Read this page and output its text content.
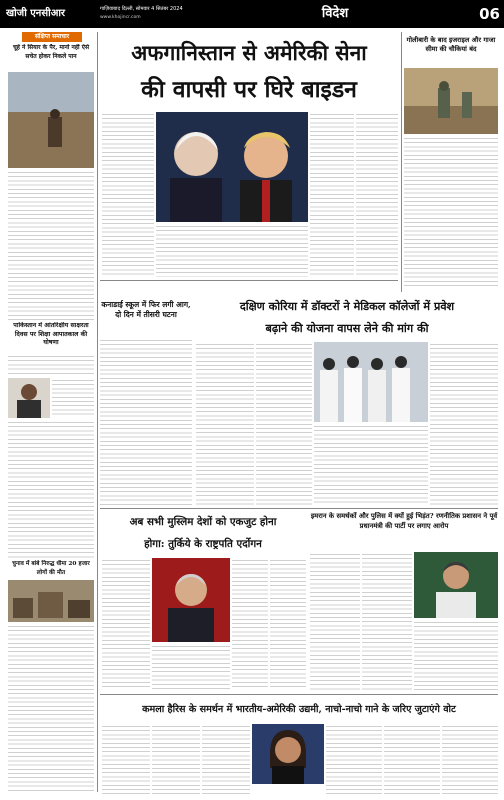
खोजी एनसीआर	गाज़ियाबाद दिल्ली, सोमवार 4 सितंबर 2024
www.khojincr.com	विदेश	06
संक्षिप्त समाचार
चूहे ने सियार के पैर, मानो नहीं ऐसे सचेत होकर निकले पान
पाकिस्तान में आंतरिक्षीय साक्षरता दिवस पर शिक्षा आपातकाल की घोषणा
चुनाव में बांबे निरुद्ध धीमा 20 हजार लोगों की मौत
अफगानिस्तान से अमेरिकी सेना
की वापसी पर घिरे बाइडन
गोलीबारी के बाद इजराइल और गाजा सीमा की चौकियां बंद
कनाडाई स्कूल में फिर लगी आग, दो दिन में तीसरी घटना
दक्षिण कोरिया में डॉक्टरों ने मेडिकल कॉलेजों में प्रवेश
बढ़ाने की योजना वापस लेने की मांग की
अब सभी मुस्लिम देशों को एकजुट होना
होगा: तुर्किये के राष्ट्रपति एर्दोगन
इमरान के समर्थकों और पुलिस में क्यों हुई भिड़ंत? रणनीतिक प्रशासन ने पूर्व प्रधानमंत्री की पार्टी पर लगाए आरोप
कमला हैरिस के समर्थन में भारतीय-अमेरिकी उद्यमी, नाचो-नाचो गाने के जरिए जुटाएंगे वोट
